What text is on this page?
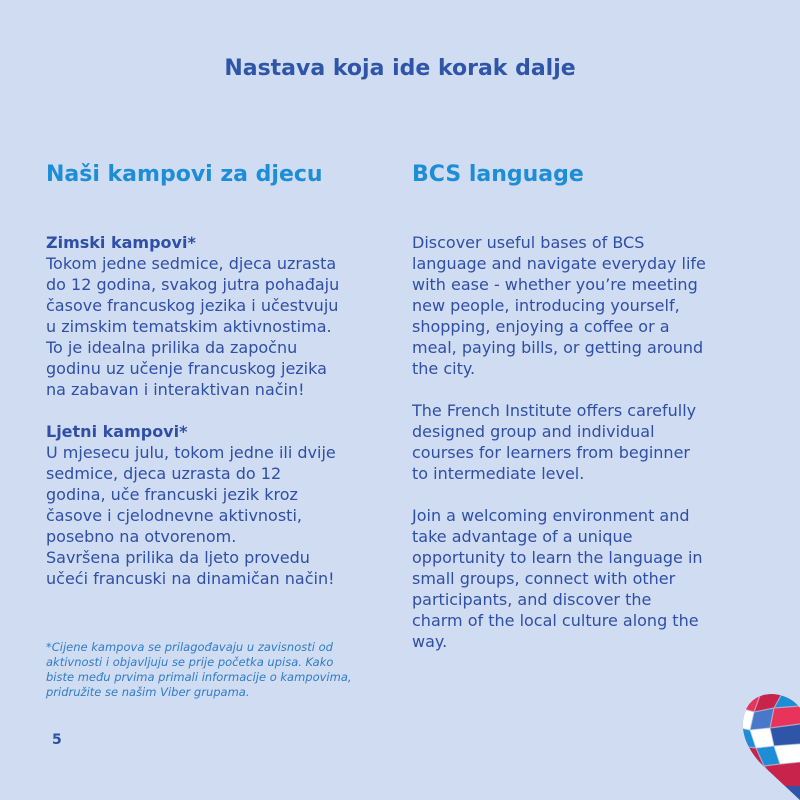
Nastava koja ide korak dalje
Naši kampovi za djecu

Zimski kampovi*

Tokom jedne sedmice, djeca uzrasta
do 12 godina, svakog jutra pohađaju
časove francuskog jezika i učestvuju
u zimskim tematskim aktivnostima.
To je idealna prilika da započnu
godinu uz učenje francuskog jezika
na zabavan i interaktivan način!

Ljetni kampovi*

U mjesecu julu, tokom jedne ili dvije
sedmice, djeca uzrasta do 12
godina, uče francuski jezik kroz
časove i cjelodnevne aktivnosti,
posebno na otvorenom.
Savršena prilika da ljeto provedu
učeći francuski na dinamičan način!

BCS language

Discover useful bases of BCS
language and navigate everyday life
with ease - whether you’re meeting
new people, introducing yourself,
shopping, enjoying a coffee or a
meal, paying bills, or getting around
the city.

The French Institute offers carefully
designed group and individual
courses for learners from beginner
to intermediate level.

Join a welcoming environment and
take advantage of a unique
opportunity to learn the language in
small groups, connect with other
participants, and discover the
charm of the local culture along the
way.

*Cijene kampova se prilagođavaju u zavisnosti od
aktivnosti i objavljuju se prije početka upisa. Kako
biste među prvima primali informacije o kampovima,
pridružite se našim Viber grupama.

5
